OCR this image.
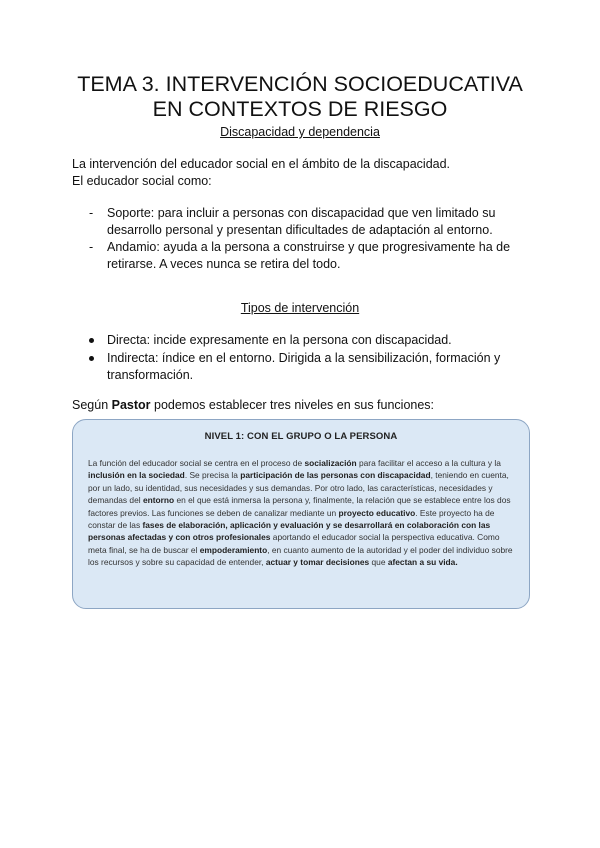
TEMA 3. INTERVENCIÓN SOCIOEDUCATIVA EN CONTEXTOS DE RIESGO
Discapacidad y dependencia
La intervención del educador social en el ámbito de la discapacidad.
El educador social como:
- Soporte: para incluir a personas con discapacidad que ven limitado su desarrollo personal y presentan dificultades de adaptación al entorno.
- Andamio: ayuda a la persona a construirse y que progresivamente ha de retirarse. A veces nunca se retira del todo.
Tipos de intervención
Directa: incide expresamente en la persona con discapacidad.
Indirecta: índice en el entorno. Dirigida a la sensibilización, formación y transformación.
Según Pastor podemos establecer tres niveles en sus funciones:
NIVEL 1: CON EL GRUPO O LA PERSONA
La función del educador social se centra en el proceso de socialización para facilitar el acceso a la cultura y la inclusión en la sociedad. Se precisa la participación de las personas con discapacidad, teniendo en cuenta, por un lado, su identidad, sus necesidades y sus demandas. Por otro lado, las características, necesidades y demandas del entorno en el que está inmersa la persona y, finalmente, la relación que se establece entre los dos factores previos. Las funciones se deben de canalizar mediante un proyecto educativo. Este proyecto ha de constar de las fases de elaboración, aplicación y evaluación y se desarrollará en colaboración con las personas afectadas y con otros profesionales aportando el educador social la perspectiva educativa. Como meta final, se ha de buscar el empoderamiento, en cuanto aumento de la autoridad y el poder del individuo sobre los recursos y sobre su capacidad de entender, actuar y tomar decisiones que afectan a su vida.
